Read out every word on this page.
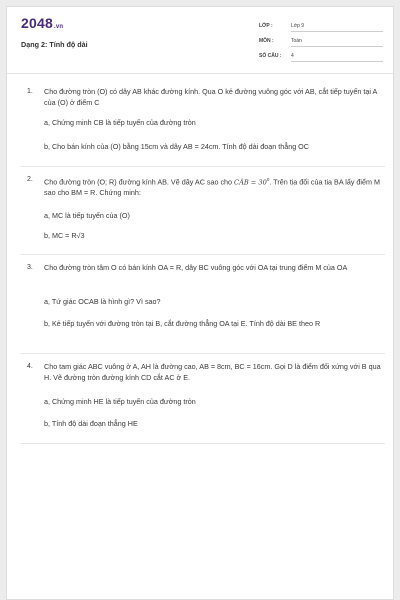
2048.vn
Dạng 2: Tính độ dài
LỚP :	Lớp 9
MÔN :	Toán
SỐ CÂU : 4
1.	Cho đường tròn (O) có dây AB khác đường kính. Qua O kẻ đường vuông góc với AB, cắt tiếp tuyến tại A của (O) ở điểm C
a, Chứng minh CB là tiếp tuyến của đường tròn
b, Cho bán kính của (O) bằng 15cm và dây AB = 24cm. Tính độ dài đoạn thẳng OC
2.	Cho đường tròn (O; R) đường kính AB. Vẽ dây AC sao cho CÂB = $30^0$. Trên tia đối của tia BA lấy điểm M sao cho BM = R. Chứng minh:
a, MC là tiếp tuyến của (O)
b, MC = R√3
3.	Cho đường tròn tâm O có bán kính OA = R, dây BC vuông góc với OA tại trung điểm M của OA
a, Tứ giác OCAB là hình gì? Vì sao?
b, Kẻ tiếp tuyến với đường tròn tại B, cắt đường thẳng OA tại E. Tính độ dài BE theo R
4.	Cho tam giác ABC vuông ở A, AH là đường cao, AB = 8cm, BC = 16cm. Gọi D là điểm đối xứng với B qua H. Vẽ đường tròn đường kính CD cắt AC ở E.
a, Chứng minh HE là tiếp tuyến của đường tròn
b, Tính độ dài đoạn thẳng HE
